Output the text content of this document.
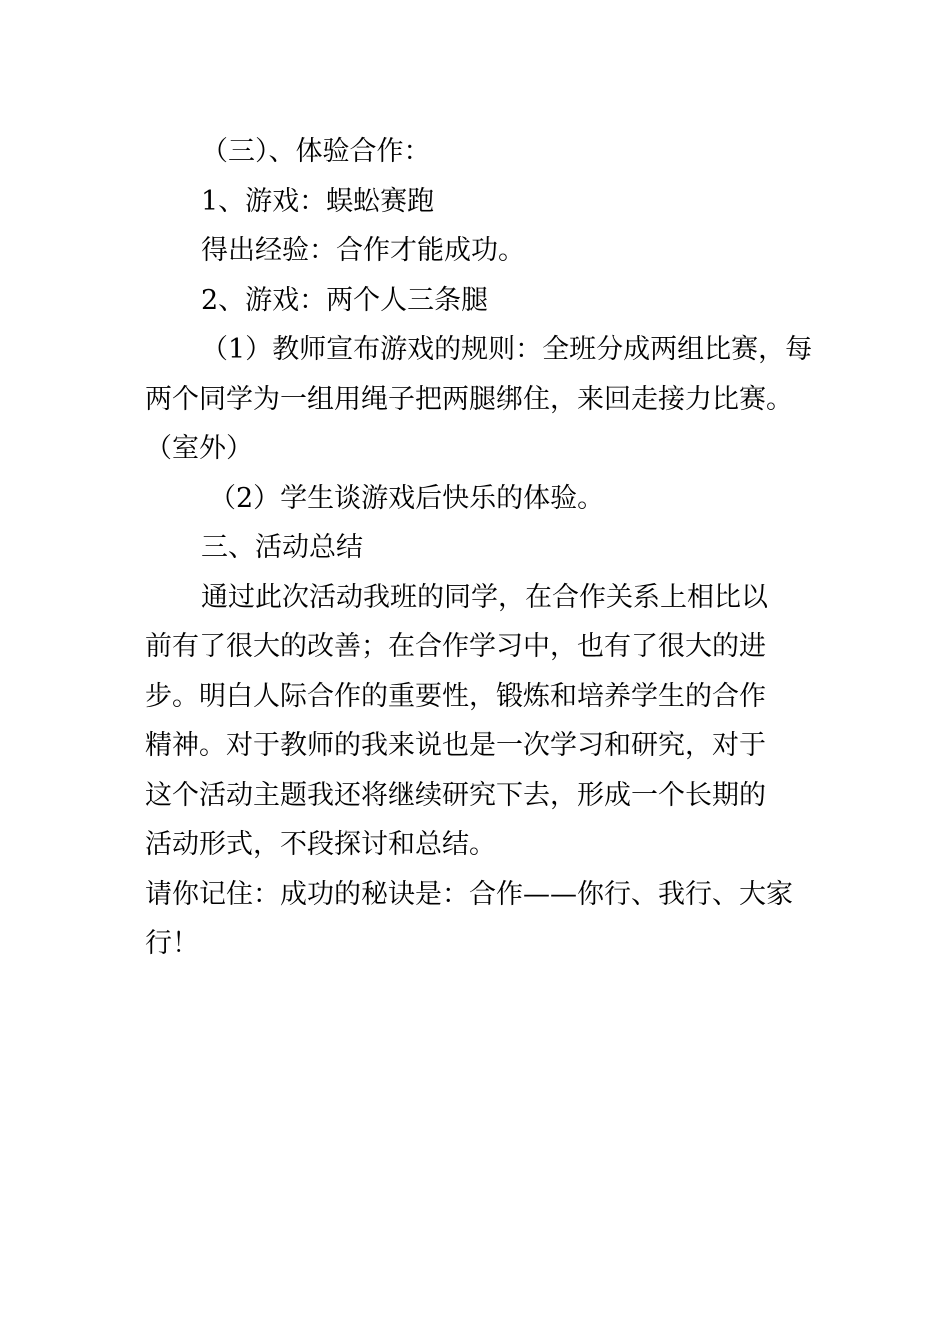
（三）、体验合作：

1、游戏：蜈蚣赛跑

得出经验：合作才能成功。

2、游戏：两个人三条腿

（1）教师宣布游戏的规则：全班分成两组比赛，每
两个同学为一组用绳子把两腿绑住，来回走接力比赛。
（室外）

（2）学生谈游戏后快乐的体验。

三、活动总结

通过此次活动我班的同学，在合作关系上相比以
前有了很大的改善；在合作学习中，也有了很大的进
步。明白人际合作的重要性，锻炼和培养学生的合作
精神。对于教师的我来说也是一次学习和研究，对于
这个活动主题我还将继续研究下去，形成一个长期的
活动形式，不段探讨和总结。
请你记住：成功的秘诀是：合作——你行、我行、大家
行！
